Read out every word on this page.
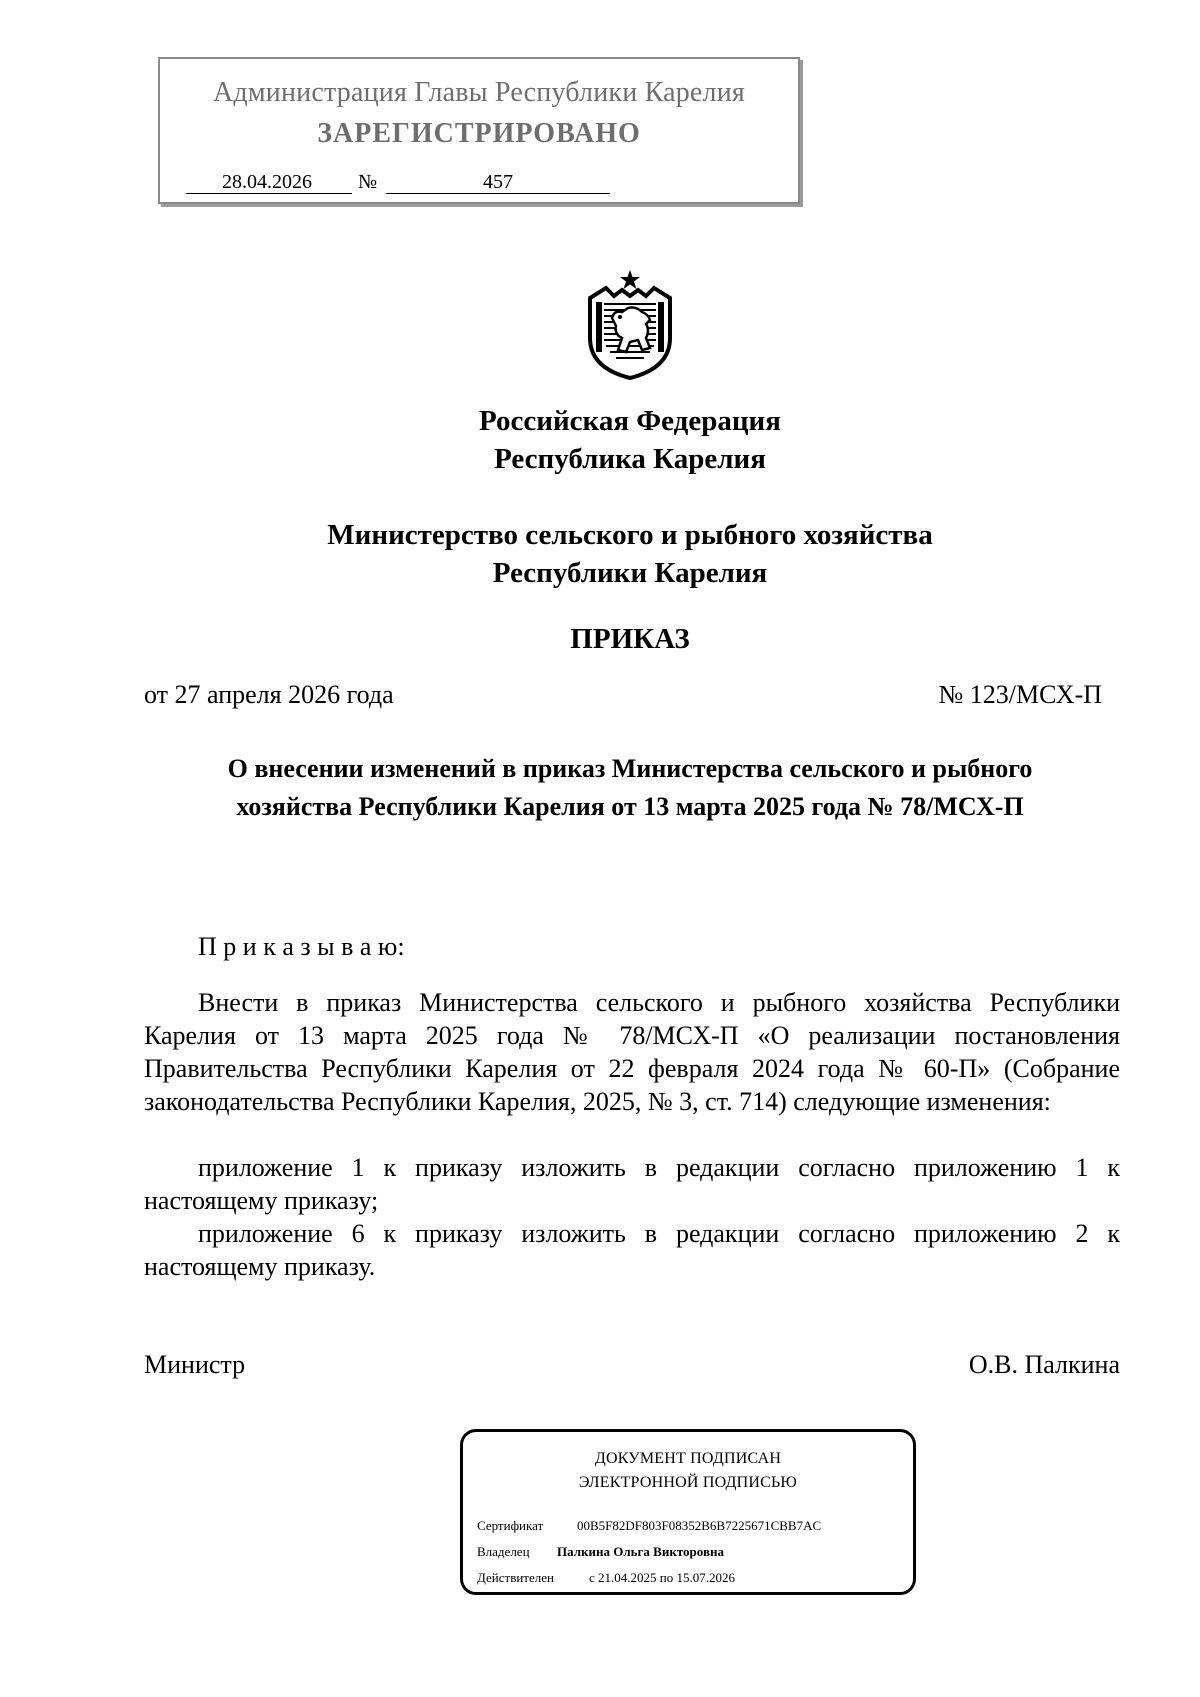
Администрация Главы Республики Карелия
ЗАРЕГИСТРИРОВАНО
28.04.2026 №	457
Российская Федерация
Республика Карелия
Министерство сельского и рыбного хозяйства
Республики Карелия
ПРИКАЗ
от 27 апреля 2026 года	№ 123/МСХ-П
О внесении изменений в приказ Министерства сельского и рыбного
хозяйства Республики Карелия от 13 марта 2025 года № 78/МСХ-П
П р и к а з ы в а ю:
Внести в приказ Министерства сельского и рыбного хозяйства Республики Карелия от 13 марта 2025 года № 78/МСХ-П «О реализации постановления Правительства Республики Карелия от 22 февраля 2024 года № 60-П» (Собрание законодательства Республики Карелия, 2025, № 3, ст. 714) следующие изменения:
приложение 1 к приказу изложить в редакции согласно приложению 1 к настоящему приказу;
приложение 6 к приказу изложить в редакции согласно приложению 2 к настоящему приказу.
Министр	О.В. Палкина
ДОКУМЕНТ ПОДПИСАН
ЭЛЕКТРОННОЙ ПОДПИСЬЮ
Сертификат	00B5F82DF803F08352B6B7225671CBB7AC
Владелец Палкина Ольга Викторовна
Действителен	с 21.04.2025 по 15.07.2026
